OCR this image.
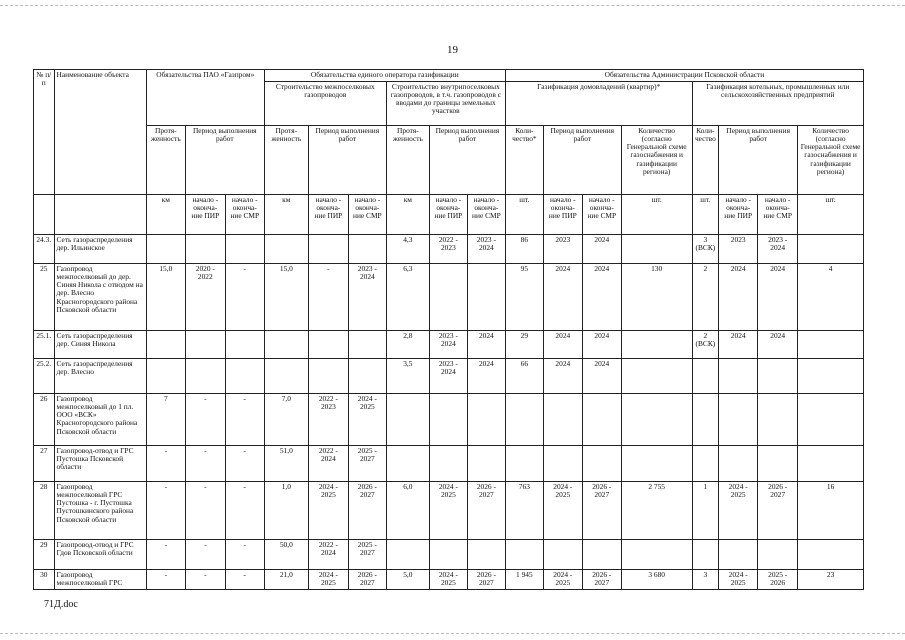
19
№ п/п	Наименование объекта	Обязательства ПАО «Газпром»			Обязательства единого оператора газификации						Обязательства Администрации Псковской области							
					Строительство межпоселковых газопроводов			Строительство внутрипоселковых газопроводов, в т.ч. газопроводов с вводами до границы земельных участков			Газификация домовладений (квартир)*				Газификация котельных, промышленных или сельскохозяйственных предприятий			
		Протя-женность	Период выполнения работ		Протя-женность	Период выполнения работ		Протя-женность	Период выполнения работ		Коли-чество*	Период выполнения работ		Количество (согласно Генеральной схеме газоснабжения и газификации региона)	Коли-чество	Период выполнения работ		Количество (согласно Генеральной схеме газоснабжения и газификации региона)
		км	начало - оконча-ние ПИР	начало - оконча-ние СМР	км	начало - оконча-ние ПИР	начало - оконча-ние СМР	км	начало - оконча-ние ПИР	начало - оконча-ние СМР	шт.	начало - оконча-ние ПИР	начало - оконча-ние СМР	шт.	шт.	начало - оконча-ние ПИР	начало - оконча-ние СМР	шт.
24.3.	Сеть газораспределения дер. Ильинское							4,3	2022 - 2023	2023 - 2024	86	2023	2024		3 (ВСК)	2023	2023 - 2024	
25	Газопровод межпоселковый до дер. Синяя Никола с отводом на дер. Влесно Красногородского района Псковской области	15,0	2020 - 2022	-	15,0	-	2023 - 2024	6,3			95	2024	2024	130	2	2024	2024	4
25.1.	Сеть газораспределения дер. Синяя Никола							2,8	2023 - 2024	2024	29	2024	2024		2 (ВСК)	2024	2024	
25.2.	Сеть газораспределения дер. Влесно							3,5	2023 - 2024	2024	66	2024	2024					
26	Газопровод межпоселковый до 1 пл. ООО «ВСК» Красногородского района Псковской области	7	-	-	7,0	2022 - 2023	2024 - 2025											
27	Газопровод-отвод и ГРС Пустошка Псковской области	-	-	-	51,0	2022 - 2024	2025 - 2027											
28	Газопровод межпоселковый ГРС Пустошка - г. Пустошка Пустошкинского района Псковской области	-	-	-	1,0	2024 - 2025	2026 - 2027	6,0	2024 - 2025	2026 - 2027	763	2024 - 2025	2026 - 2027	2 755	1	2024 - 2025	2026 - 2027	16
29	Газопровод-отвод и ГРС Гдов Псковской области	-	-	-	50,0	2022 - 2024	2025 - 2027											
30	Газопровод межпоселковый ГРС	-	-	-	21,0	2024 - 2025	2026 - 2027	5,0	2024 - 2025	2026 - 2027	1 945	2024 - 2025	2026 - 2027	3 680	3	2024 - 2025	2025 - 2026	23
71Д.doc
